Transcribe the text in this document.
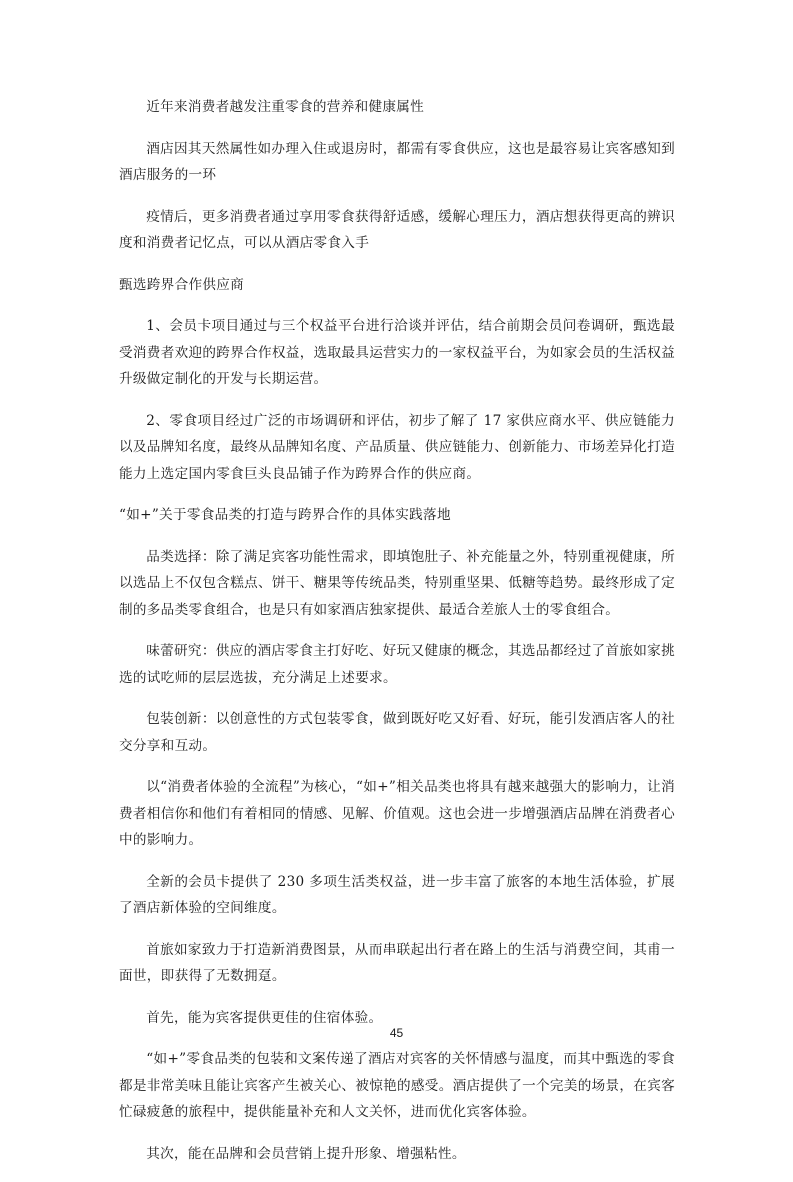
近年来消费者越发注重零食的营养和健康属性

酒店因其天然属性如办理入住或退房时，都需有零食供应，这也是最容易让宾客感知到酒店服务的一环

疫情后，更多消费者通过享用零食获得舒适感，缓解心理压力，酒店想获得更高的辨识度和消费者记忆点，可以从酒店零食入手

甄选跨界合作供应商

1、会员卡项目通过与三个权益平台进行洽谈并评估，结合前期会员问卷调研，甄选最受消费者欢迎的跨界合作权益，选取最具运营实力的一家权益平台，为如家会员的生活权益升级做定制化的开发与长期运营。

2、零食项目经过广泛的市场调研和评估，初步了解了 17 家供应商水平、供应链能力以及品牌知名度，最终从品牌知名度、产品质量、供应链能力、创新能力、市场差异化打造能力上选定国内零食巨头良品铺子作为跨界合作的供应商。

“如+”关于零食品类的打造与跨界合作的具体实践落地

品类选择：除了满足宾客功能性需求，即填饱肚子、补充能量之外，特别重视健康，所以选品上不仅包含糕点、饼干、糖果等传统品类，特别重坚果、低糖等趋势。最终形成了定制的多品类零食组合，也是只有如家酒店独家提供、最适合差旅人士的零食组合。

味蕾研究：供应的酒店零食主打好吃、好玩又健康的概念，其选品都经过了首旅如家挑选的试吃师的层层选拔，充分满足上述要求。

包装创新：以创意性的方式包装零食，做到既好吃又好看、好玩，能引发酒店客人的社交分享和互动。

以“消费者体验的全流程”为核心，“如+”相关品类也将具有越来越强大的影响力，让消费者相信你和他们有着相同的情感、见解、价值观。这也会进一步增强酒店品牌在消费者心中的影响力。

全新的会员卡提供了 230 多项生活类权益，进一步丰富了旅客的本地生活体验，扩展了酒店新体验的空间维度。

首旅如家致力于打造新消费图景，从而串联起出行者在路上的生活与消费空间，其甫一面世，即获得了无数拥趸。

首先，能为宾客提供更佳的住宿体验。

“如+”零食品类的包装和文案传递了酒店对宾客的关怀情感与温度，而其中甄选的零食都是非常美味且能让宾客产生被关心、被惊艳的感受。酒店提供了一个完美的场景，在宾客忙碌疲惫的旅程中，提供能量补充和人文关怀，进而优化宾客体验。

其次，能在品牌和会员营销上提升形象、增强粘性。

45
